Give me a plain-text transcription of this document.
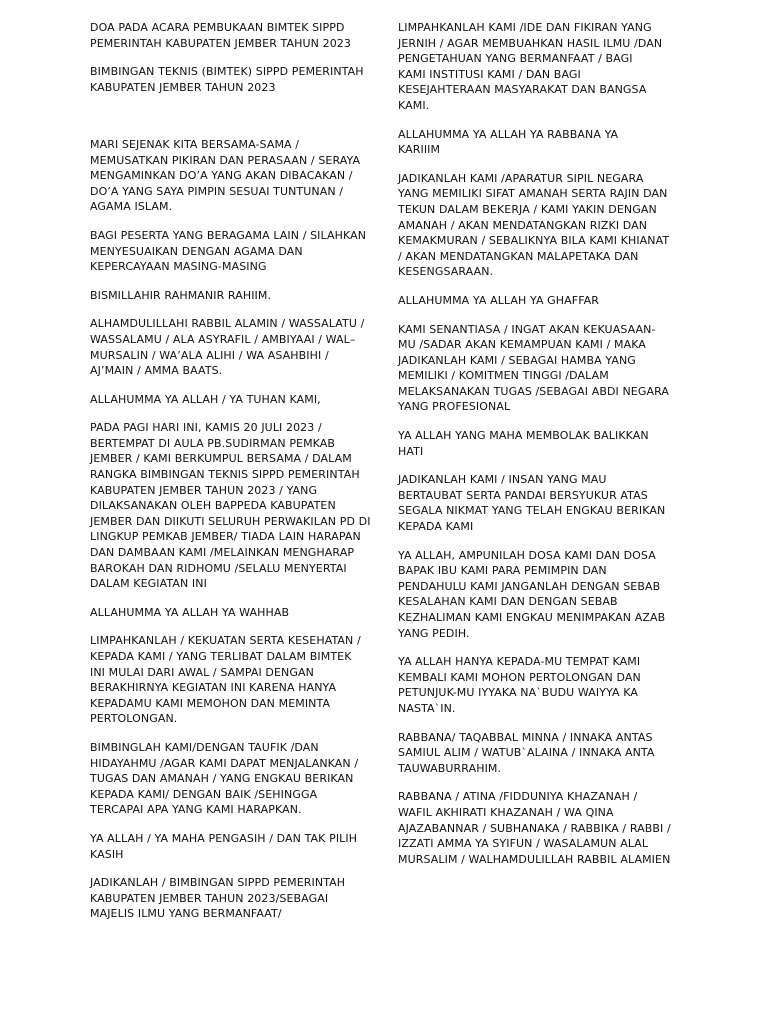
DOA PADA ACARA PEMBUKAAN BIMTEK SIPPD
PEMERINTAH KABUPATEN JEMBER TAHUN 2023

BIMBINGAN TEKNIS (BIMTEK) SIPPD PEMERINTAH
KABUPATEN JEMBER TAHUN 2023

MARI SEJENAK KITA BERSAMA-SAMA /
MEMUSATKAN PIKIRAN DAN PERASAAN / SERAYA
MENGAMINKAN DO’A YANG AKAN DIBACAKAN /
DO’A YANG SAYA PIMPIN SESUAI TUNTUNAN /
AGAMA ISLAM.

BAGI PESERTA YANG BERAGAMA LAIN / SILAHKAN
MENYESUAIKAN DENGAN AGAMA DAN
KEPERCAYAAN MASING-MASING

BISMILLAHIR RAHMANIR RAHIIM.

ALHAMDULILLAHI RABBIL ALAMIN / WASSALATU /
WASSALAMU / ALA ASYRAFIL / AMBIYAAI / WAL–
MURSALIN / WA’ALA ALIHI / WA ASAHBIHI /
AJ’MAIN / AMMA BAATS.

ALLAHUMMA YA ALLAH / YA TUHAN KAMI,

PADA PAGI HARI INI, KAMIS 20 JULI 2023 /
BERTEMPAT DI AULA PB.SUDIRMAN PEMKAB
JEMBER / KAMI BERKUMPUL BERSAMA / DALAM
RANGKA BIMBINGAN TEKNIS SIPPD PEMERINTAH
KABUPATEN JEMBER TAHUN 2023 / YANG
DILAKSANAKAN OLEH BAPPEDA KABUPATEN
JEMBER DAN DIIKUTI SELURUH PERWAKILAN PD DI
LINGKUP PEMKAB JEMBER/ TIADA LAIN HARAPAN
DAN DAMBAAN KAMI /MELAINKAN MENGHARAP
BAROKAH DAN RIDHOMU /SELALU MENYERTAI
DALAM KEGIATAN INI

ALLAHUMMA YA ALLAH YA WAHHAB

LIMPAHKANLAH / KEKUATAN SERTA KESEHATAN /
KEPADA KAMI / YANG TERLIBAT DALAM BIMTEK
INI MULAI DARI AWAL / SAMPAI DENGAN
BERAKHIRNYA KEGIATAN INI KARENA HANYA
KEPADAMU KAMI MEMOHON DAN MEMINTA
PERTOLONGAN.

BIMBINGLAH KAMI/DENGAN TAUFIK /DAN
HIDAYAHMU /AGAR KAMI DAPAT MENJALANKAN /
TUGAS DAN AMANAH / YANG ENGKAU BERIKAN
KEPADA KAMI/ DENGAN BAIK /SEHINGGA
TERCAPAI APA YANG KAMI HARAPKAN.

YA ALLAH / YA MAHA PENGASIH / DAN TAK PILIH
KASIH

JADIKANLAH / BIMBINGAN SIPPD PEMERINTAH
KABUPATEN JEMBER TAHUN 2023/SEBAGAI
MAJELIS ILMU YANG BERMANFAAT/

LIMPAHKANLAH KAMI /IDE DAN FIKIRAN YANG
JERNIH / AGAR MEMBUAHKAN HASIL ILMU /DAN
PENGETAHUAN YANG BERMANFAAT / BAGI
KAMI INSTITUSI KAMI / DAN BAGI
KESEJAHTERAAN MASYARAKAT DAN BANGSA
KAMI.

ALLAHUMMA YA ALLAH YA RABBANA YA
KARIIIM

JADIKANLAH KAMI /APARATUR SIPIL NEGARA
YANG MEMILIKI SIFAT AMANAH SERTA RAJIN DAN
TEKUN DALAM BEKERJA / KAMI YAKIN DENGAN
AMANAH / AKAN MENDATANGKAN RIZKI DAN
KEMAKMURAN / SEBALIKNYA BILA KAMI KHIANAT
/ AKAN MENDATANGKAN MALAPETAKA DAN
KESENGSARAAN.

ALLAHUMMA YA ALLAH YA GHAFFAR

KAMI SENANTIASA / INGAT AKAN KEKUASAAN-
MU /SADAR AKAN KEMAMPUAN KAMI / MAKA
JADIKANLAH KAMI / SEBAGAI HAMBA YANG
MEMILIKI / KOMITMEN TINGGI /DALAM
MELAKSANAKAN TUGAS /SEBAGAI ABDI NEGARA
YANG PROFESIONAL

YA ALLAH YANG MAHA MEMBOLAK BALIKKAN
HATI

JADIKANLAH KAMI / INSAN YANG MAU
BERTAUBAT SERTA PANDAI BERSYUKUR ATAS
SEGALA NIKMAT YANG TELAH ENGKAU BERIKAN
KEPADA KAMI

YA ALLAH, AMPUNILAH DOSA KAMI DAN DOSA
BAPAK IBU KAMI PARA PEMIMPIN DAN
PENDAHULU KAMI JANGANLAH DENGAN SEBAB
KESALAHAN KAMI DAN DENGAN SEBAB
KEZHALIMAN KAMI ENGKAU MENIMPAKAN AZAB
YANG PEDIH.

YA ALLAH HANYA KEPADA-MU TEMPAT KAMI
KEMBALI KAMI MOHON PERTOLONGAN DAN
PETUNJUK-MU IYYAKA NA`BUDU WAIYYA KA
NASTA`IN.

RABBANA/ TAQABBAL MINNA / INNAKA ANTAS
SAMIUL ALIM / WATUB`ALAINA / INNAKA ANTA
TAUWABURRAHIM.

RABBANA / ATINA /FIDDUNIYA KHAZANAH /
WAFIL AKHIRATI KHAZANAH / WA QINA
AJAZABANNAR / SUBHANAKA / RABBIKA / RABBI /
IZZATI AMMA YA SYIFUN / WASALAMUN ALAL
MURSALIM / WALHAMDULILLAH RABBIL ALAMIEN
